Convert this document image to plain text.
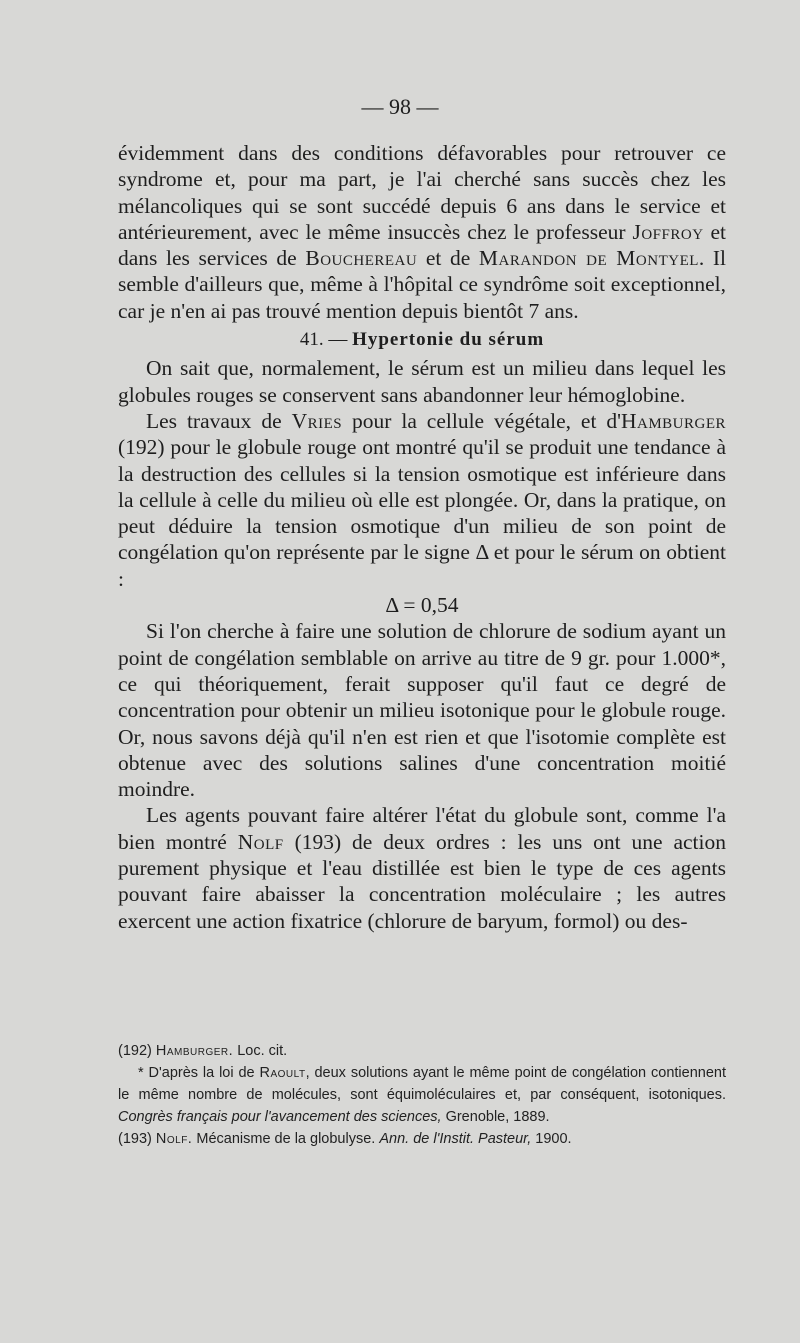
— 98 —

évidemment dans des conditions défavorables pour retrouver ce syndrome et, pour ma part, je l'ai cherché sans succès chez les mélancoliques qui se sont succédé depuis 6 ans dans le service et antérieurement, avec le même insuccès chez le professeur Joffroy et dans les services de Bouchereau et de Marandon de Montyel. Il semble d'ailleurs que, même à l'hôpital ce syndrôme soit exceptionnel, car je n'en ai pas trouvé mention depuis bientôt 7 ans.

41. — Hypertonie du sérum

On sait que, normalement, le sérum est un milieu dans lequel les globules rouges se conservent sans abandonner leur hémoglobine.

Les travaux de Vries pour la cellule végétale, et d'Hamburger (192) pour le globule rouge ont montré qu'il se produit une tendance à la destruction des cellules si la tension osmotique est inférieure dans la cellule à celle du milieu où elle est plongée. Or, dans la pratique, on peut déduire la tension osmotique d'un milieu de son point de congélation qu'on représente par le signe Δ et pour le sérum on obtient :

Δ = 0,54

Si l'on cherche à faire une solution de chlorure de sodium ayant un point de congélation semblable on arrive au titre de 9 gr. pour 1.000*, ce qui théoriquement, ferait supposer qu'il faut ce degré de concentration pour obtenir un milieu isotonique pour le globule rouge. Or, nous savons déjà qu'il n'en est rien et que l'isotomie complète est obtenue avec des solutions salines d'une concentration moitié moindre.

Les agents pouvant faire altérer l'état du globule sont, comme l'a bien montré Nolf (193) de deux ordres : les uns ont une action purement physique et l'eau distillée est bien le type de ces agents pouvant faire abaisser la concentration moléculaire ; les autres exercent une action fixatrice (chlorure de baryum, formol) ou des-

(192) Hamburger. Loc. cit.

* D'après la loi de Raoult, deux solutions ayant le même point de congélation contiennent le même nombre de molécules, sont équimoléculaires et, par conséquent, isotoniques. Congrès français pour l'avancement des sciences, Grenoble, 1889.

(193) Nolf. Mécanisme de la globulyse. Ann. de l'Instit. Pasteur, 1900.
